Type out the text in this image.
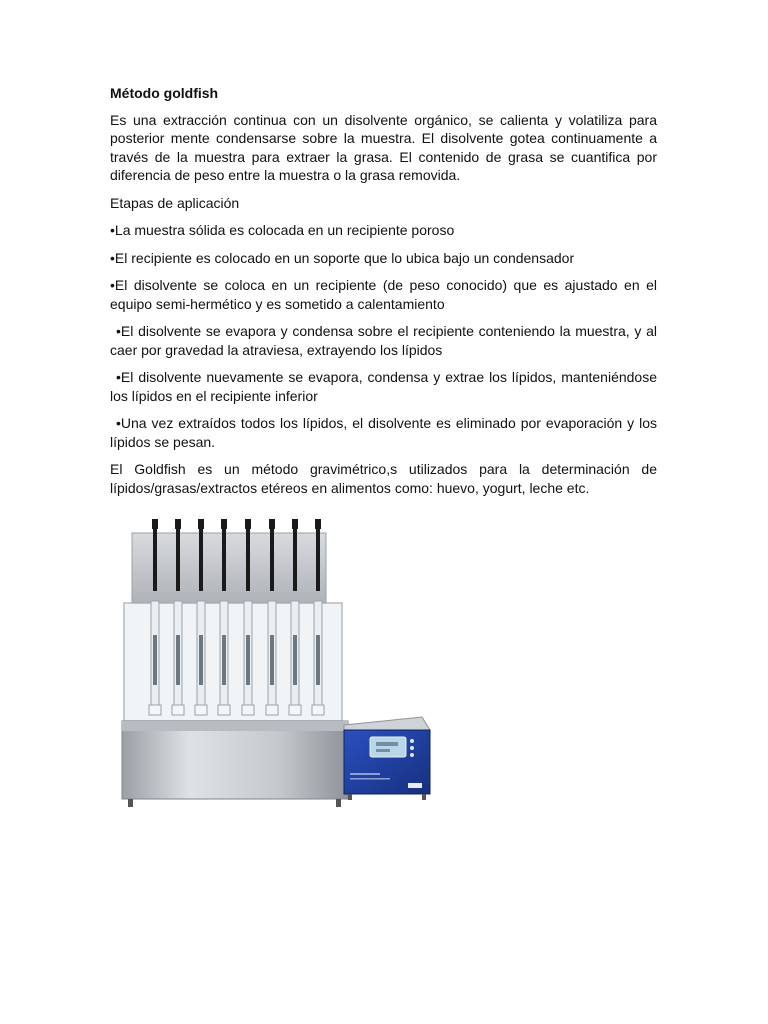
Método goldfish
Es una extracción continua con un disolvente orgánico, se calienta y volatiliza para posterior mente condensarse sobre la muestra. El disolvente gotea continuamente a través de la muestra para extraer la grasa. El contenido de grasa se cuantifica por diferencia de peso entre la muestra o la grasa removida.
Etapas de aplicación
•La muestra sólida es colocada en un recipiente poroso
•El recipiente es colocado en un soporte que lo ubica bajo un condensador
•El disolvente se coloca en un recipiente (de peso conocido) que es ajustado en el equipo semi-hermético y es sometido a calentamiento
•El disolvente se evapora y condensa sobre el recipiente conteniendo la muestra, y al caer por gravedad la atraviesa, extrayendo los lípidos
•El disolvente nuevamente se evapora, condensa y extrae los lípidos, manteniéndose los lípidos en el recipiente inferior
•Una vez extraídos todos los lípidos, el disolvente es eliminado por evaporación y los lípidos se pesan.
El Goldfish es un método gravimétrico,s utilizados para la determinación de lípidos/grasas/extractos etéreos en alimentos como: huevo, yogurt, leche etc.
